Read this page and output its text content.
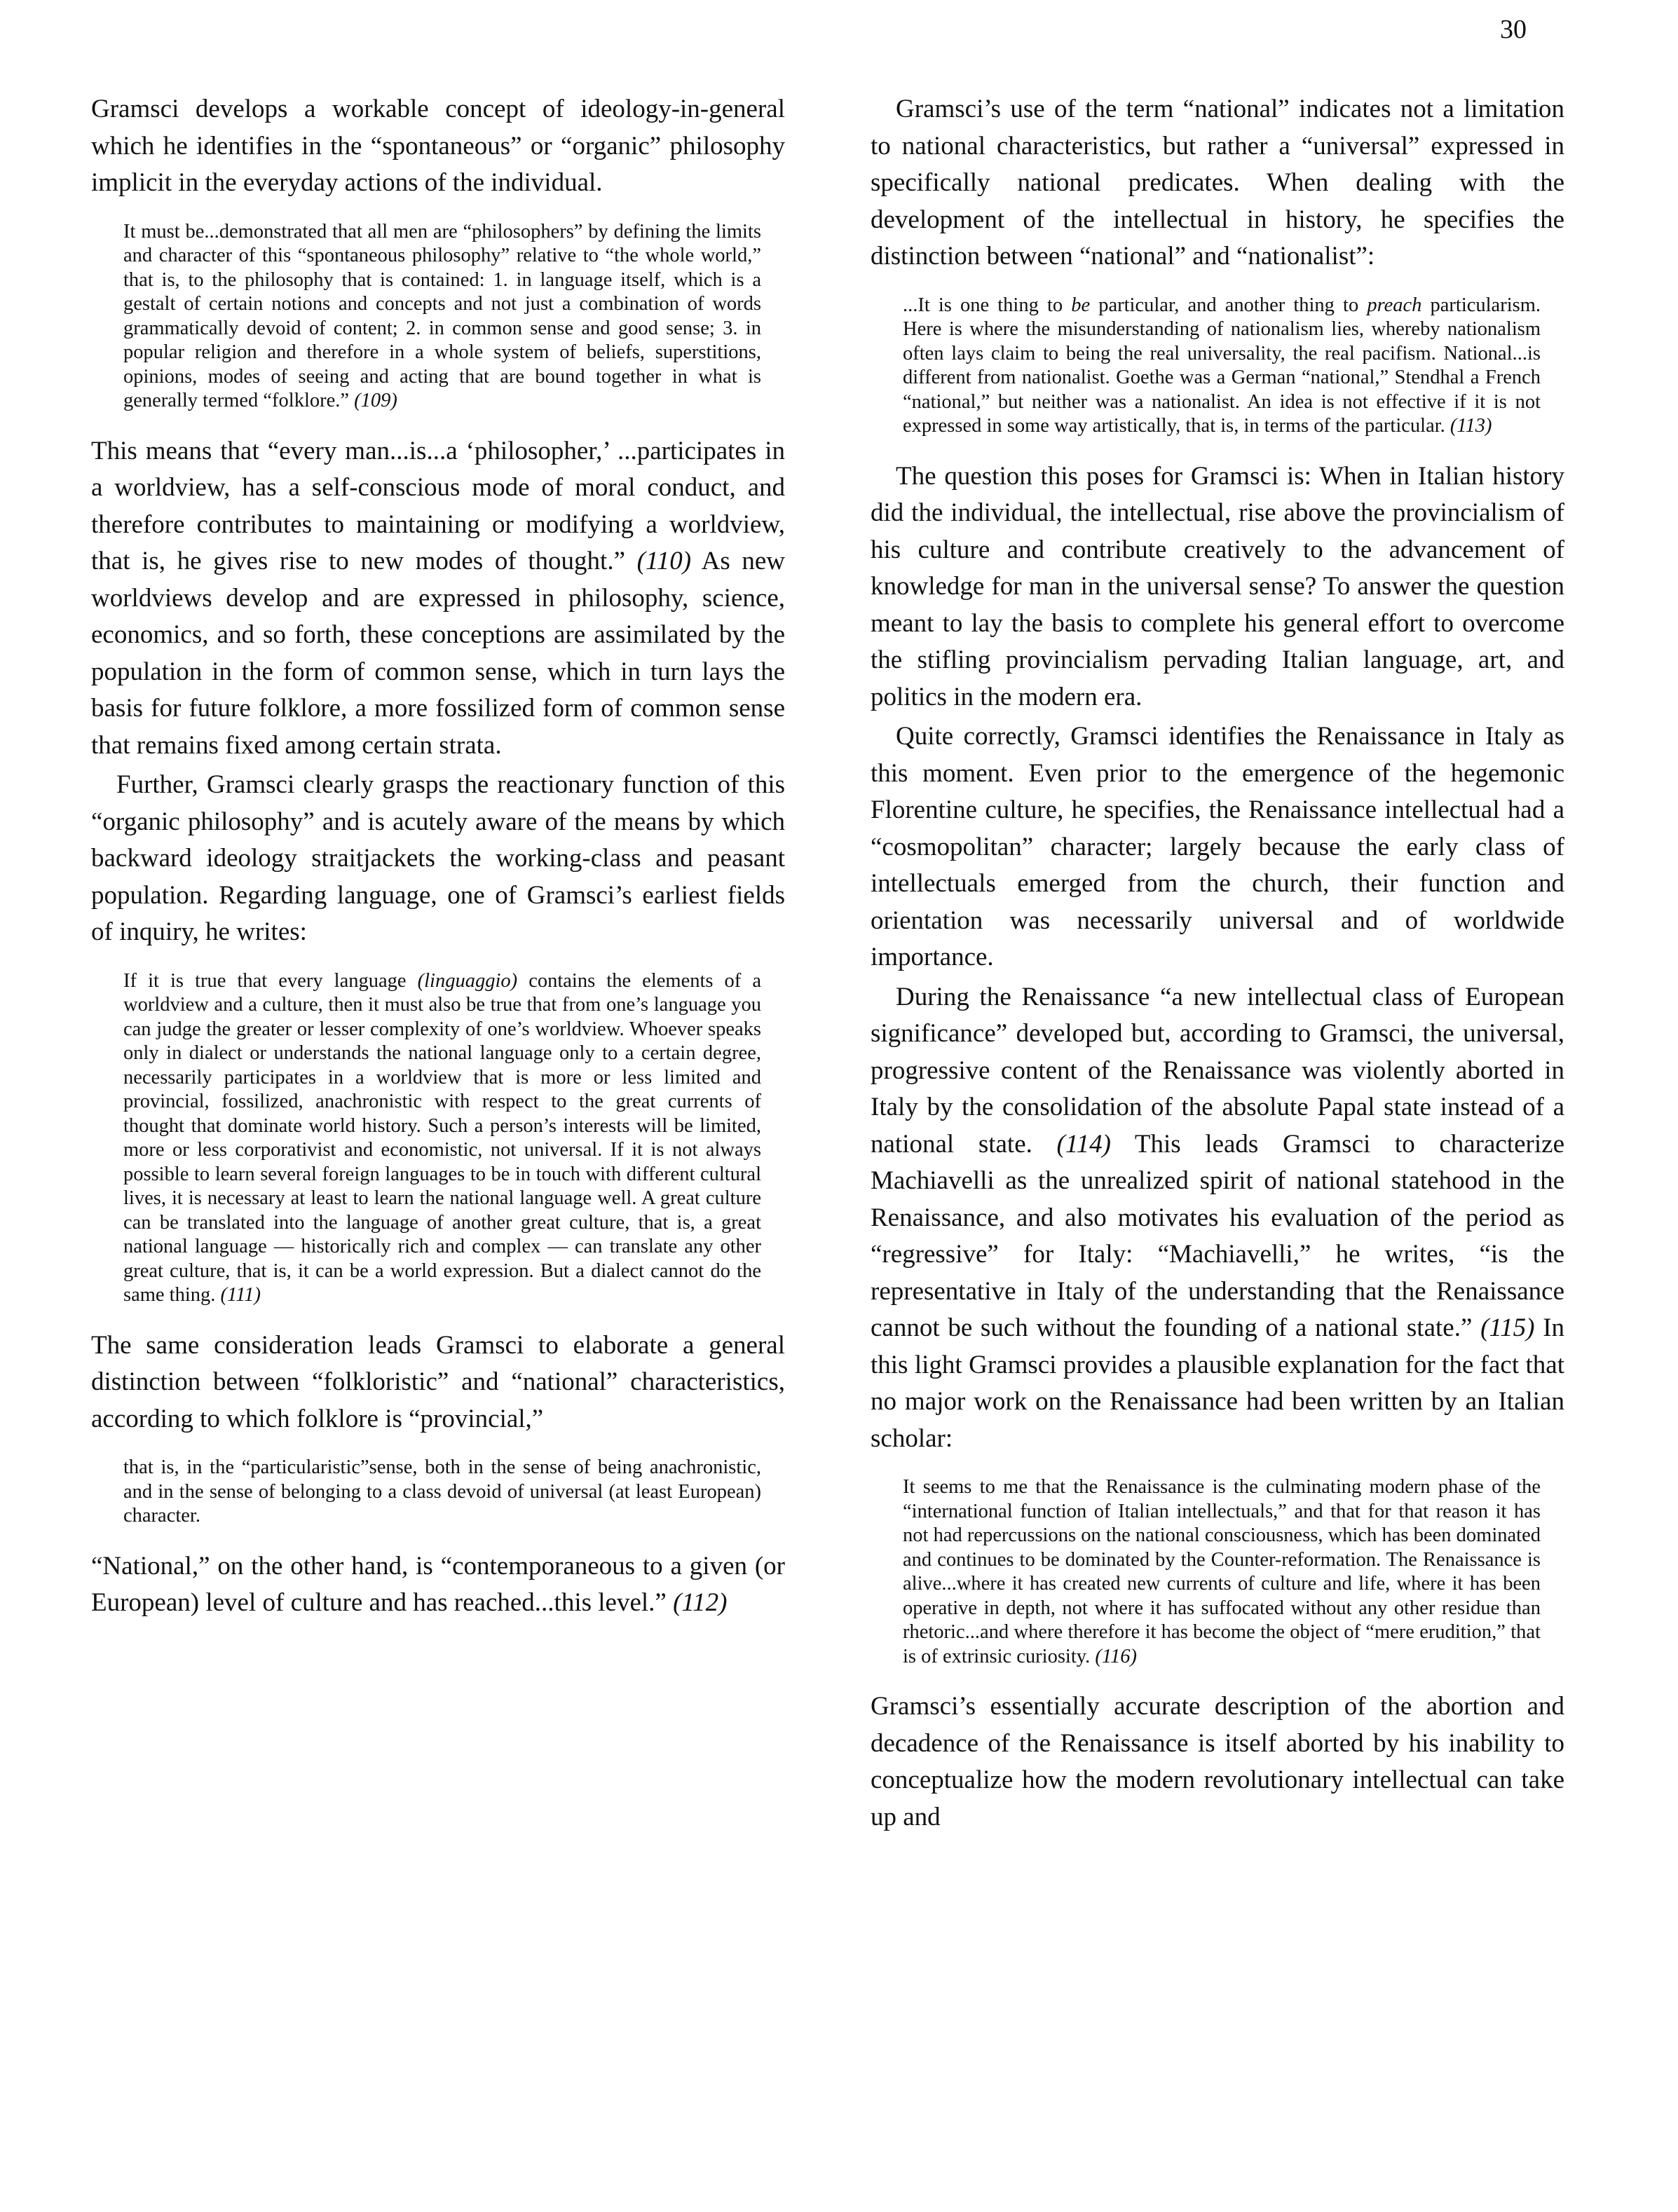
30

Gramsci develops a workable concept of ideology-in-general which he identifies in the “spontaneous” or “organic” philosophy implicit in the everyday actions of the individual.

It must be...demonstrated that all men are “philosophers” by defining the limits and character of this “spontaneous philosophy” relative to “the whole world,” that is, to the philosophy that is contained: 1. in language itself, which is a gestalt of certain notions and concepts and not just a combination of words grammatically devoid of content; 2. in common sense and good sense; 3. in popular religion and therefore in a whole system of beliefs, superstitions, opinions, modes of seeing and acting that are bound together in what is generally termed “folklore.” (109)

This means that “every man...is...a ‘philosopher,’ ...participates in a worldview, has a self-conscious mode of moral conduct, and therefore contributes to maintaining or modifying a worldview, that is, he gives rise to new modes of thought.” (110) As new worldviews develop and are expressed in philosophy, science, economics, and so forth, these conceptions are assimilated by the population in the form of common sense, which in turn lays the basis for future folklore, a more fossilized form of common sense that remains fixed among certain strata.

Further, Gramsci clearly grasps the reactionary function of this “organic philosophy” and is acutely aware of the means by which backward ideology straitjackets the working-class and peasant population. Regarding language, one of Gramsci’s earliest fields of inquiry, he writes:

If it is true that every language (linguaggio) contains the elements of a worldview and a culture, then it must also be true that from one’s language you can judge the greater or lesser complexity of one’s worldview. Whoever speaks only in dialect or understands the national language only to a certain degree, necessarily participates in a worldview that is more or less limited and provincial, fossilized, anachronistic with respect to the great currents of thought that dominate world history. Such a person’s interests will be limited, more or less corporativist and economistic, not universal. If it is not always possible to learn several foreign languages to be in touch with different cultural lives, it is necessary at least to learn the national language well. A great culture can be translated into the language of another great culture, that is, a great national language — historically rich and complex — can translate any other great culture, that is, it can be a world expression. But a dialect cannot do the same thing. (111)

The same consideration leads Gramsci to elaborate a general distinction between “folkloristic” and “national” characteristics, according to which folklore is “provincial,”

that is, in the “particularistic”sense, both in the sense of being anachronistic, and in the sense of belonging to a class devoid of universal (at least European) character.

“National,” on the other hand, is “contemporaneous to a given (or European) level of culture and has reached...this level.” (112)

Gramsci’s use of the term “national” indicates not a limitation to national characteristics, but rather a “universal” expressed in specifically national predicates. When dealing with the development of the intellectual in history, he specifies the distinction between “national” and “nationalist”:

...It is one thing to be particular, and another thing to preach particularism. Here is where the misunderstanding of nationalism lies, whereby nationalism often lays claim to being the real universality, the real pacifism. National...is different from nationalist. Goethe was a German “national,” Stendhal a French “national,” but neither was a nationalist. An idea is not effective if it is not expressed in some way artistically, that is, in terms of the particular. (113)

The question this poses for Gramsci is: When in Italian history did the individual, the intellectual, rise above the provincialism of his culture and contribute creatively to the advancement of knowledge for man in the universal sense? To answer the question meant to lay the basis to complete his general effort to overcome the stifling provincialism pervading Italian language, art, and politics in the modern era.

Quite correctly, Gramsci identifies the Renaissance in Italy as this moment. Even prior to the emergence of the hegemonic Florentine culture, he specifies, the Renaissance intellectual had a “cosmopolitan” character; largely because the early class of intellectuals emerged from the church, their function and orientation was necessarily universal and of worldwide importance.

During the Renaissance “a new intellectual class of European significance” developed but, according to Gramsci, the universal, progressive content of the Renaissance was violently aborted in Italy by the consolidation of the absolute Papal state instead of a national state. (114) This leads Gramsci to characterize Machiavelli as the unrealized spirit of national statehood in the Renaissance, and also motivates his evaluation of the period as “regressive” for Italy: “Machiavelli,” he writes, “is the representative in Italy of the understanding that the Renaissance cannot be such without the founding of a national state.” (115) In this light Gramsci provides a plausible explanation for the fact that no major work on the Renaissance had been written by an Italian scholar:

It seems to me that the Renaissance is the culminating modern phase of the “international function of Italian intellectuals,” and that for that reason it has not had repercussions on the national consciousness, which has been dominated and continues to be dominated by the Counter-reformation. The Renaissance is alive...where it has created new currents of culture and life, where it has been operative in depth, not where it has suffocated without any other residue than rhetoric...and where therefore it has become the object of “mere erudition,” that is of extrinsic curiosity. (116)

Gramsci’s essentially accurate description of the abortion and decadence of the Renaissance is itself aborted by his inability to conceptualize how the modern revolutionary intellectual can take up and
